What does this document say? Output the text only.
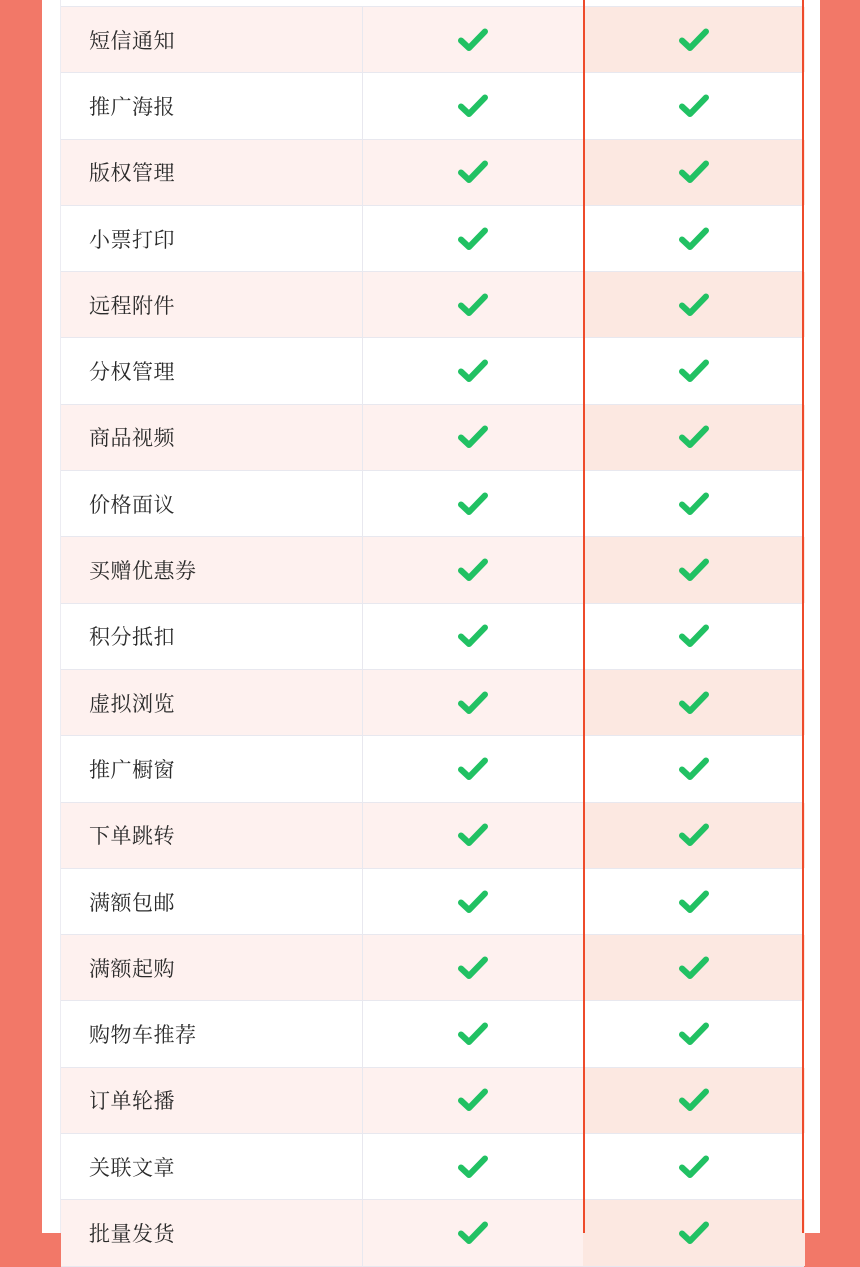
短信通知
推广海报
版权管理
小票打印
远程附件
分权管理
商品视频
价格面议
买赠优惠券
积分抵扣
虚拟浏览
推广橱窗
下单跳转
满额包邮
满额起购
购物车推荐
订单轮播
关联文章
批量发货
